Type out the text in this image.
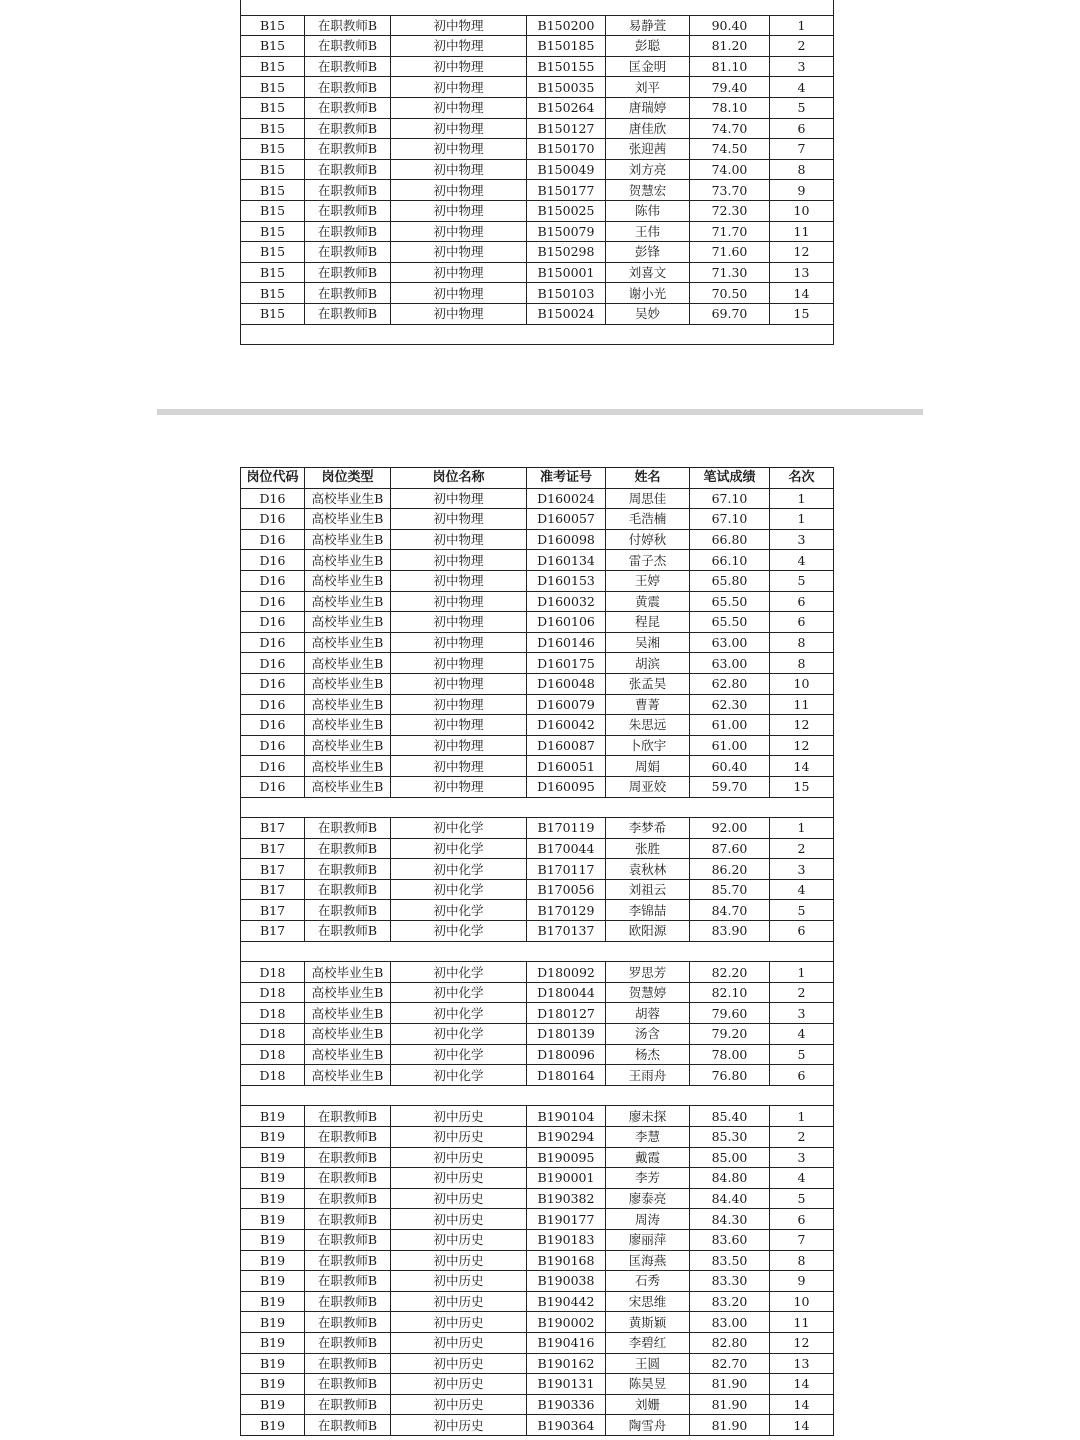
B15	在职教师B	初中物理	B150200	易静萱	90.40	1
B15	在职教师B	初中物理	B150185	彭聪	81.20	2
B15	在职教师B	初中物理	B150155	匡金明	81.10	3
B15	在职教师B	初中物理	B150035	刘平	79.40	4
B15	在职教师B	初中物理	B150264	唐瑞婷	78.10	5
B15	在职教师B	初中物理	B150127	唐佳欣	74.70	6
B15	在职教师B	初中物理	B150170	张迎茜	74.50	7
B15	在职教师B	初中物理	B150049	刘方亮	74.00	8
B15	在职教师B	初中物理	B150177	贺慧宏	73.70	9
B15	在职教师B	初中物理	B150025	陈伟	72.30	10
B15	在职教师B	初中物理	B150079	王伟	71.70	11
B15	在职教师B	初中物理	B150298	彭锋	71.60	12
B15	在职教师B	初中物理	B150001	刘喜文	71.30	13
B15	在职教师B	初中物理	B150103	谢小光	70.50	14
B15	在职教师B	初中物理	B150024	吴妙	69.70	15

岗位代码	岗位类型	岗位名称	准考证号	姓名	笔试成绩	名次
D16	高校毕业生B	初中物理	D160024	周思佳	67.10	1
D16	高校毕业生B	初中物理	D160057	毛浩楠	67.10	1
D16	高校毕业生B	初中物理	D160098	付婷秋	66.80	3
D16	高校毕业生B	初中物理	D160134	雷子杰	66.10	4
D16	高校毕业生B	初中物理	D160153	王婷	65.80	5
D16	高校毕业生B	初中物理	D160032	黄震	65.50	6
D16	高校毕业生B	初中物理	D160106	程昆	65.50	6
D16	高校毕业生B	初中物理	D160146	吴湘	63.00	8
D16	高校毕业生B	初中物理	D160175	胡滨	63.00	8
D16	高校毕业生B	初中物理	D160048	张孟昊	62.80	10
D16	高校毕业生B	初中物理	D160079	曹菁	62.30	11
D16	高校毕业生B	初中物理	D160042	朱思远	61.00	12
D16	高校毕业生B	初中物理	D160087	卜欣宇	61.00	12
D16	高校毕业生B	初中物理	D160051	周娟	60.40	14
D16	高校毕业生B	初中物理	D160095	周亚姣	59.70	15

B17	在职教师B	初中化学	B170119	李梦希	92.00	1
B17	在职教师B	初中化学	B170044	张胜	87.60	2
B17	在职教师B	初中化学	B170117	袁秋林	86.20	3
B17	在职教师B	初中化学	B170056	刘祖云	85.70	4
B17	在职教师B	初中化学	B170129	李锦喆	84.70	5
B17	在职教师B	初中化学	B170137	欧阳源	83.90	6

D18	高校毕业生B	初中化学	D180092	罗思芳	82.20	1
D18	高校毕业生B	初中化学	D180044	贺慧婷	82.10	2
D18	高校毕业生B	初中化学	D180127	胡蓉	79.60	3
D18	高校毕业生B	初中化学	D180139	汤含	79.20	4
D18	高校毕业生B	初中化学	D180096	杨杰	78.00	5
D18	高校毕业生B	初中化学	D180164	王雨舟	76.80	6

B19	在职教师B	初中历史	B190104	廖未探	85.40	1
B19	在职教师B	初中历史	B190294	李慧	85.30	2
B19	在职教师B	初中历史	B190095	戴霞	85.00	3
B19	在职教师B	初中历史	B190001	李芳	84.80	4
B19	在职教师B	初中历史	B190382	廖泰亮	84.40	5
B19	在职教师B	初中历史	B190177	周涛	84.30	6
B19	在职教师B	初中历史	B190183	廖丽萍	83.60	7
B19	在职教师B	初中历史	B190168	匡海燕	83.50	8
B19	在职教师B	初中历史	B190038	石秀	83.30	9
B19	在职教师B	初中历史	B190442	宋思维	83.20	10
B19	在职教师B	初中历史	B190002	黄斯颖	83.00	11
B19	在职教师B	初中历史	B190416	李碧红	82.80	12
B19	在职教师B	初中历史	B190162	王圆	82.70	13
B19	在职教师B	初中历史	B190131	陈昊昱	81.90	14
B19	在职教师B	初中历史	B190336	刘姗	81.90	14
B19	在职教师B	初中历史	B190364	陶雪舟	81.90	14
